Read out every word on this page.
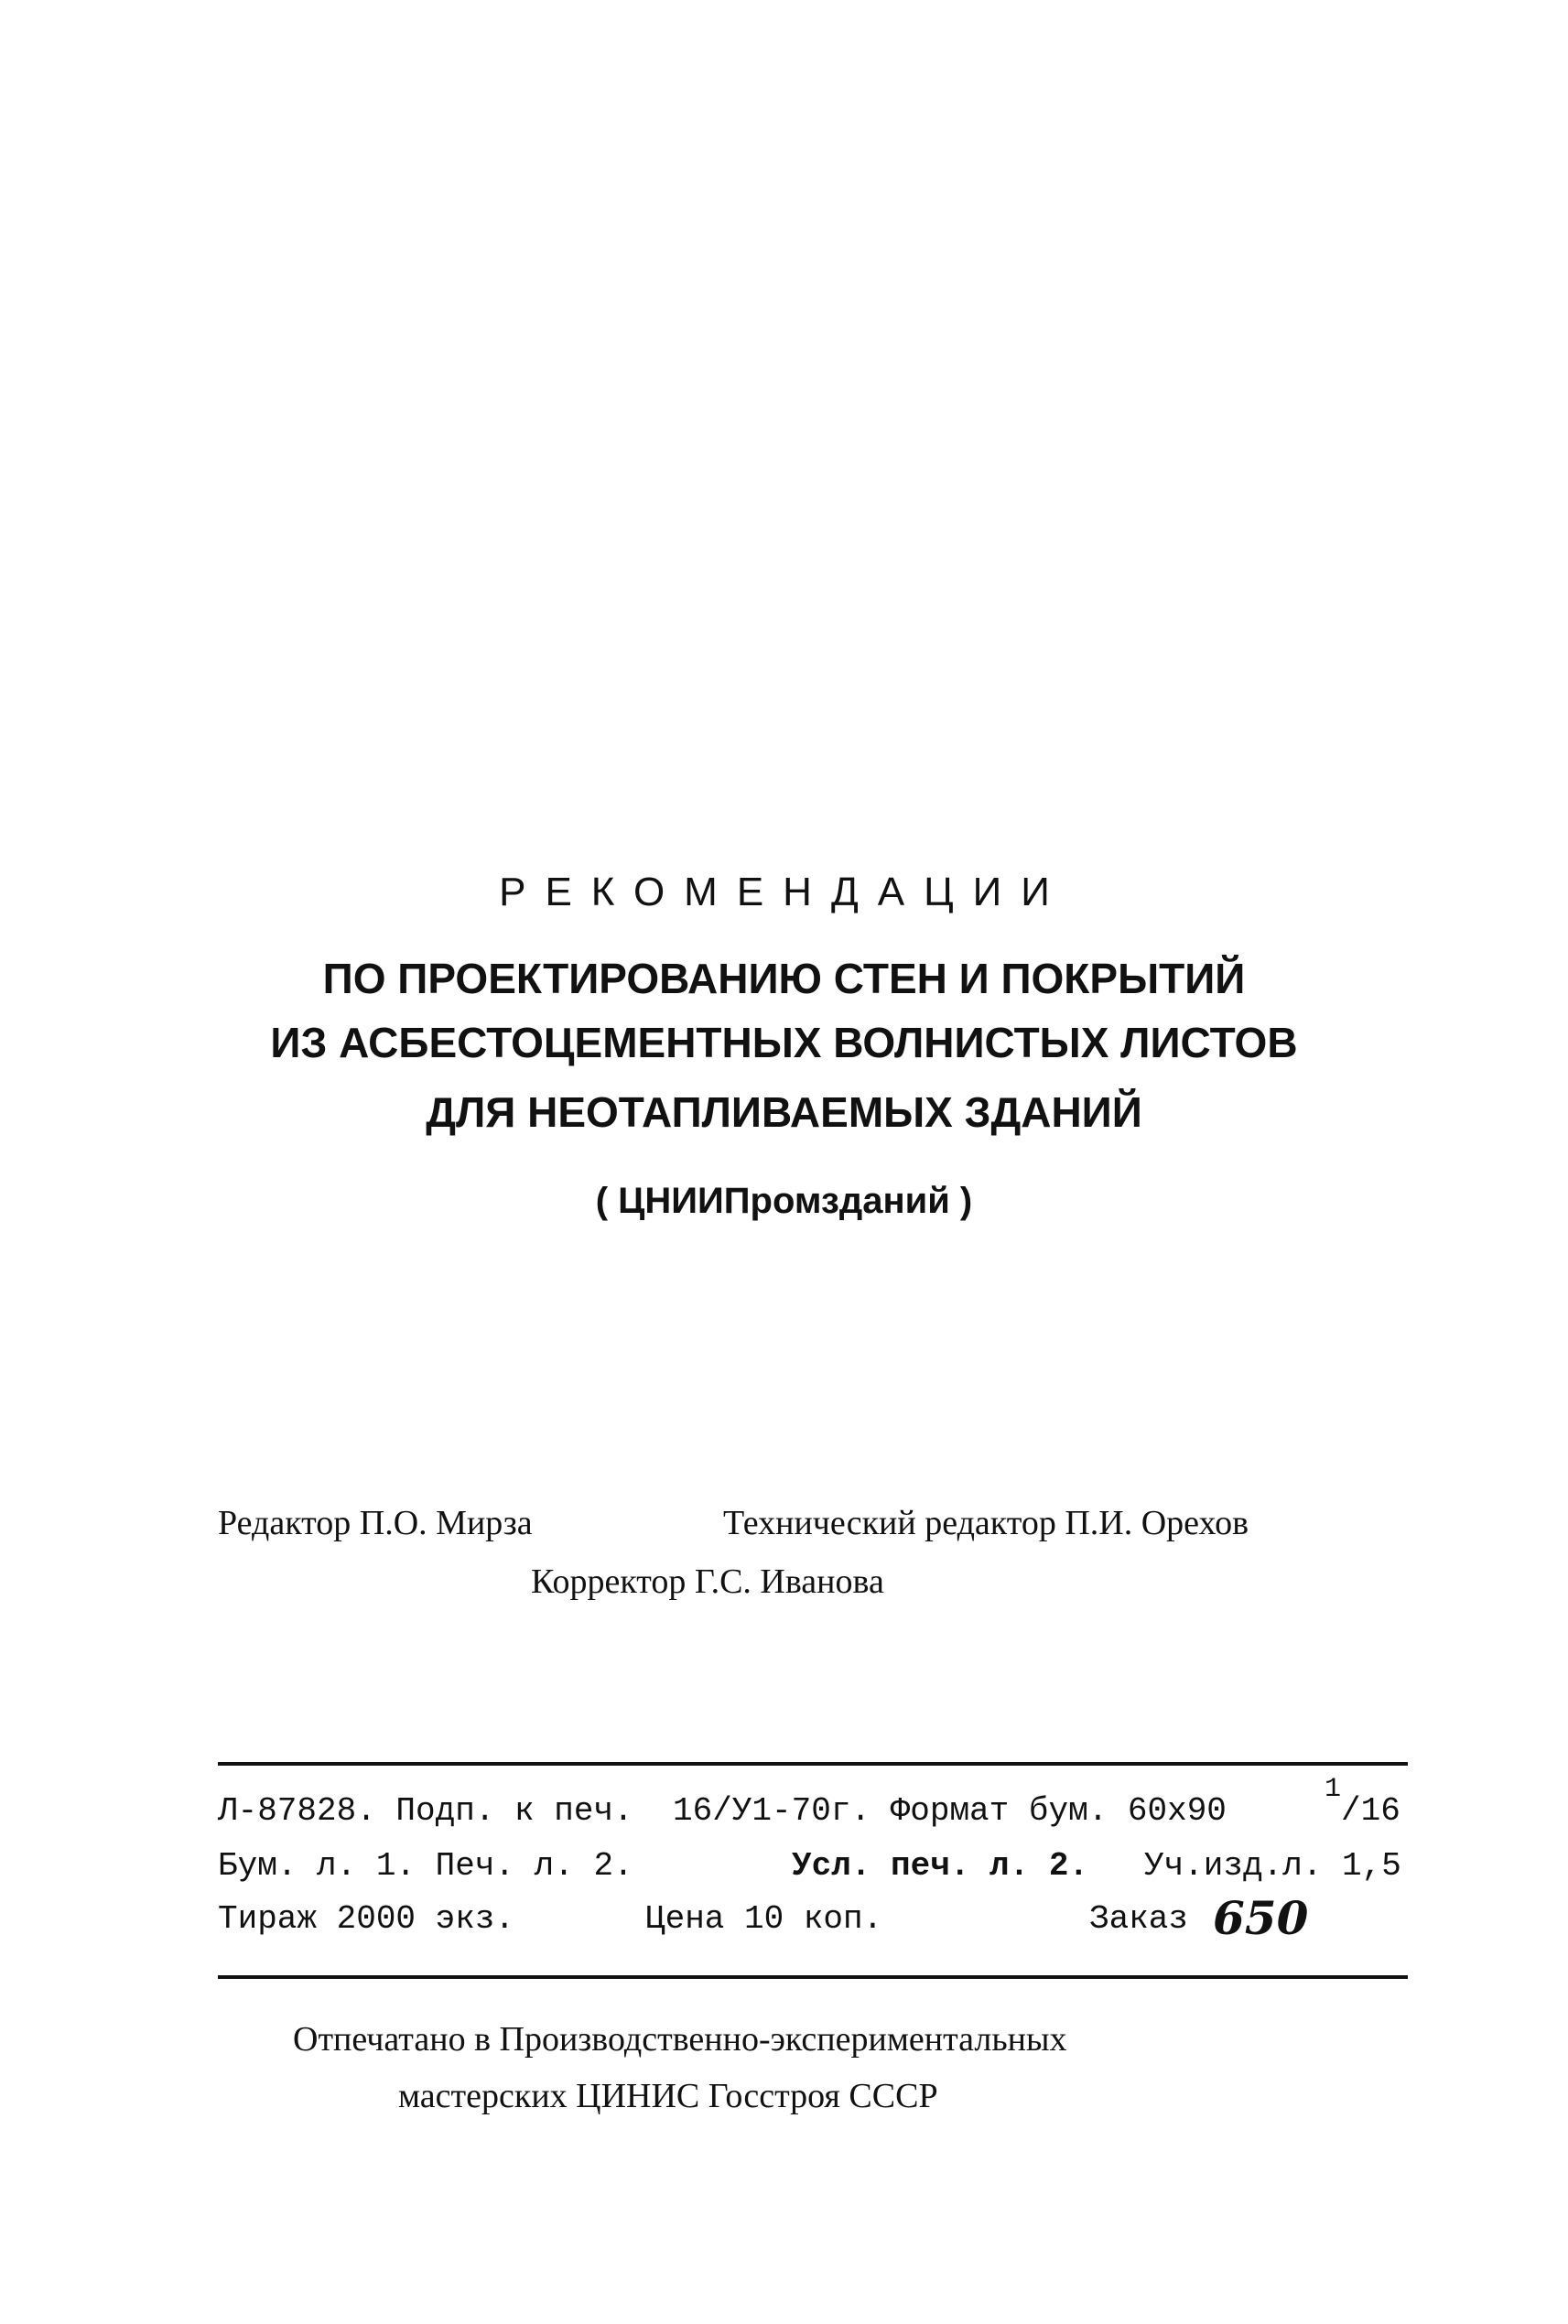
РЕКОМЕНДАЦИИ
ПО ПРОЕКТИРОВАНИЮ СТЕН И ПОКРЫТИЙ
ИЗ АСБЕСТОЦЕМЕНТНЫХ ВОЛНИСТЫХ ЛИСТОВ
ДЛЯ НЕОТАПЛИВАЕМЫХ ЗДАНИЙ
( ЦНИИПромзданий )
Редактор П.О. Мирза	Технический редактор П.И. Орехов
Корректор Г.С. Иванова
Л-87828. Подп. к печ. 16/У1-70г. Формат бум. 60х90
1
/16
Бум. л. 1. Печ. л. 2.	Усл. печ. л. 2. Уч.изд.л. 1,5
Тираж 2000 экз.	Цена 10 коп.	Заказ 650
Отпечатано в Производственно-экспериментальных
мастерских ЦИНИС Госстроя СССР
